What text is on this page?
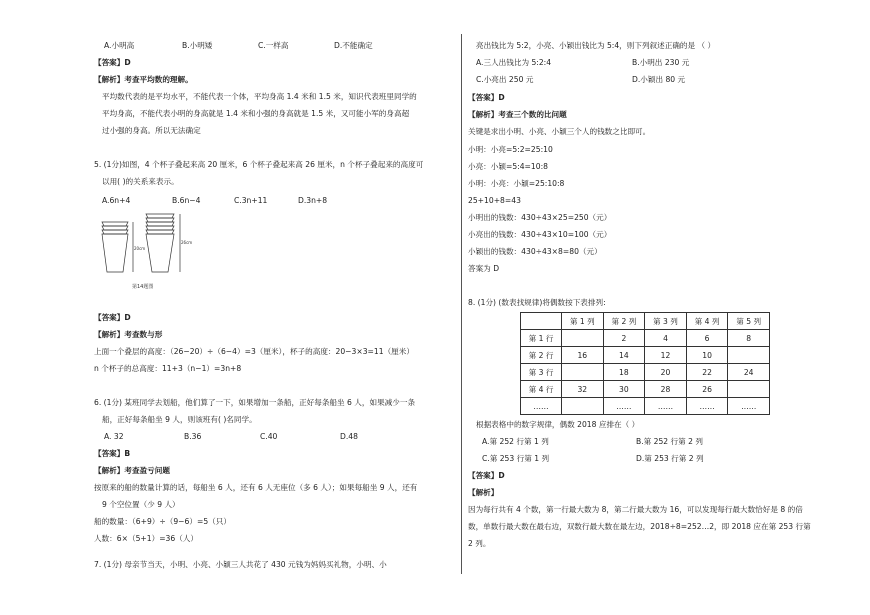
A.小明高	B.小明矮	C.一样高	D.不能确定
【答案】D
【解析】考查平均数的理解。
平均数代表的是平均水平，不能代表一个体，平均身高 1.4 米和 1.5 米，知识代表班里同学的
平均身高，不能代表小明的身高就是 1.4 米和小强的身高就是 1.5 米，又可能小军的身高超
过小强的身高。所以无法确定
5. (1分)如图，4 个杯子叠起来高 20 厘米，6 个杯子叠起来高 26 厘米，n 个杯子叠起来的高度可
以用( )的关系来表示。
A.6n+4	B.6n−4	C.3n+11	D.3n+8
20cm
26cm
第14题图
【答案】D
【解析】考查数与形
上面一个叠层的高度：（26−20）÷（6−4）=3（厘米），杯子的高度：20−3×3=11（厘米）
n 个杯子的总高度：11+3（n−1）=3n+8
6. (1分) 某班同学去划船，他们算了一下，如果增加一条船，正好每条船坐 6 人，如果减少一条
船，正好每条船坐 9 人，则该班有( )名同学。
A. 32	B.36	C.40	D.48
【答案】B
【解析】考查盈亏问题
按原来的船的数量计算的话，每船坐 6 人，还有 6 人无座位（多 6 人）；如果每船坐 9 人，还有
9 个空位置（少 9 人）
船的数量：（6+9）÷（9−6）=5（只）
人数：6×（5+1）=36（人）
7. (1分) 母亲节当天，小明、小亮、小颖三人共花了 430 元钱为妈妈买礼物，小明、小
亮出钱比为 5:2，小亮、小颖出钱比为 5:4，则下列叙述正确的是 （ ）
A.三人出钱比为 5:2:4	B.小明出 230 元
C.小亮出 250 元	D.小颖出 80 元
【答案】D
【解析】考查三个数的比问题
关键是求出小明、小亮、小颖三个人的钱数之比即可。
小明：小亮=5:2=25:10
小亮：小颖=5:4=10:8
小明：小亮：小颖=25:10:8
25+10+8=43
小明出的钱数：430÷43×25=250（元）
小亮出的钱数：430÷43×10=100（元）
小颖出的钱数：430÷43×8=80（元）
答案为 D
8. (1分) (数表找规律)将偶数按下表排列:
	第 1 列	第 2 列	第 3 列	第 4 列	第 5 列
第 1 行		2	4	6	8
第 2 行	16	14	12	10	
第 3 行		18	20	22	24
第 4 行	32	30	28	26	
……		……	……	……	……
根据表格中的数字规律，偶数 2018 应排在（ ）
A.第 252 行第 1 列	B.第 252 行第 2 列
C.第 253 行第 1 列	D.第 253 行第 2 列
【答案】D
【解析】
因为每行共有 4 个数，第一行最大数为 8，第二行最大数为 16，可以发现每行最大数恰好是 8 的倍
数，单数行最大数在最右边，双数行最大数在最左边，2018÷8=252…2，即 2018 应在第 253 行第
2 列。
